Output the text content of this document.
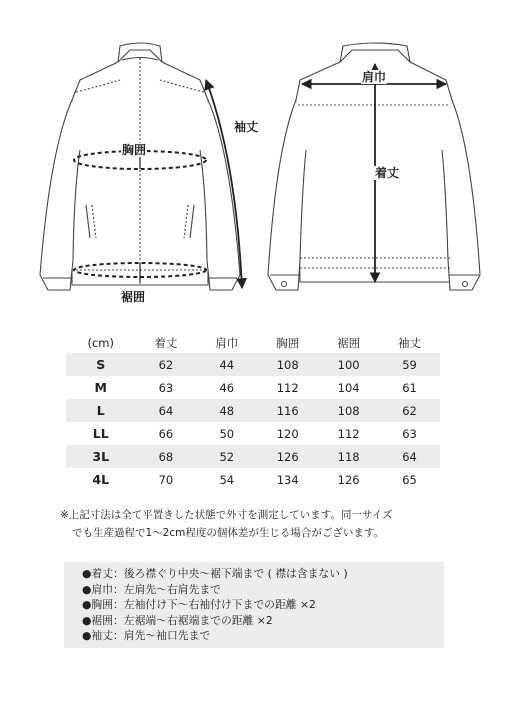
袖丈
胸囲
裾囲
肩巾
着丈
(cm)	着丈	肩巾	胸囲	裾囲	袖丈
S	62	44	108	100	59
M	63	46	112	104	61
L	64	48	116	108	62
LL	66	50	120	112	63
3L	68	52	126	118	64
4L	70	54	134	126	65
※上記寸法は全て平置きした状態で外寸を測定しています。同一サイズ
でも生産過程で1〜2cm程度の個体差が生じる場合がございます。
●着丈：後ろ襟ぐり中央〜裾下端まで ( 襟は含まない )
●肩巾：左肩先〜右肩先まで
●胸囲：左袖付け下〜右袖付け下までの距離 ×2
●裾囲：左裾端〜右裾端までの距離 ×2
●袖丈：肩先〜袖口先まで
